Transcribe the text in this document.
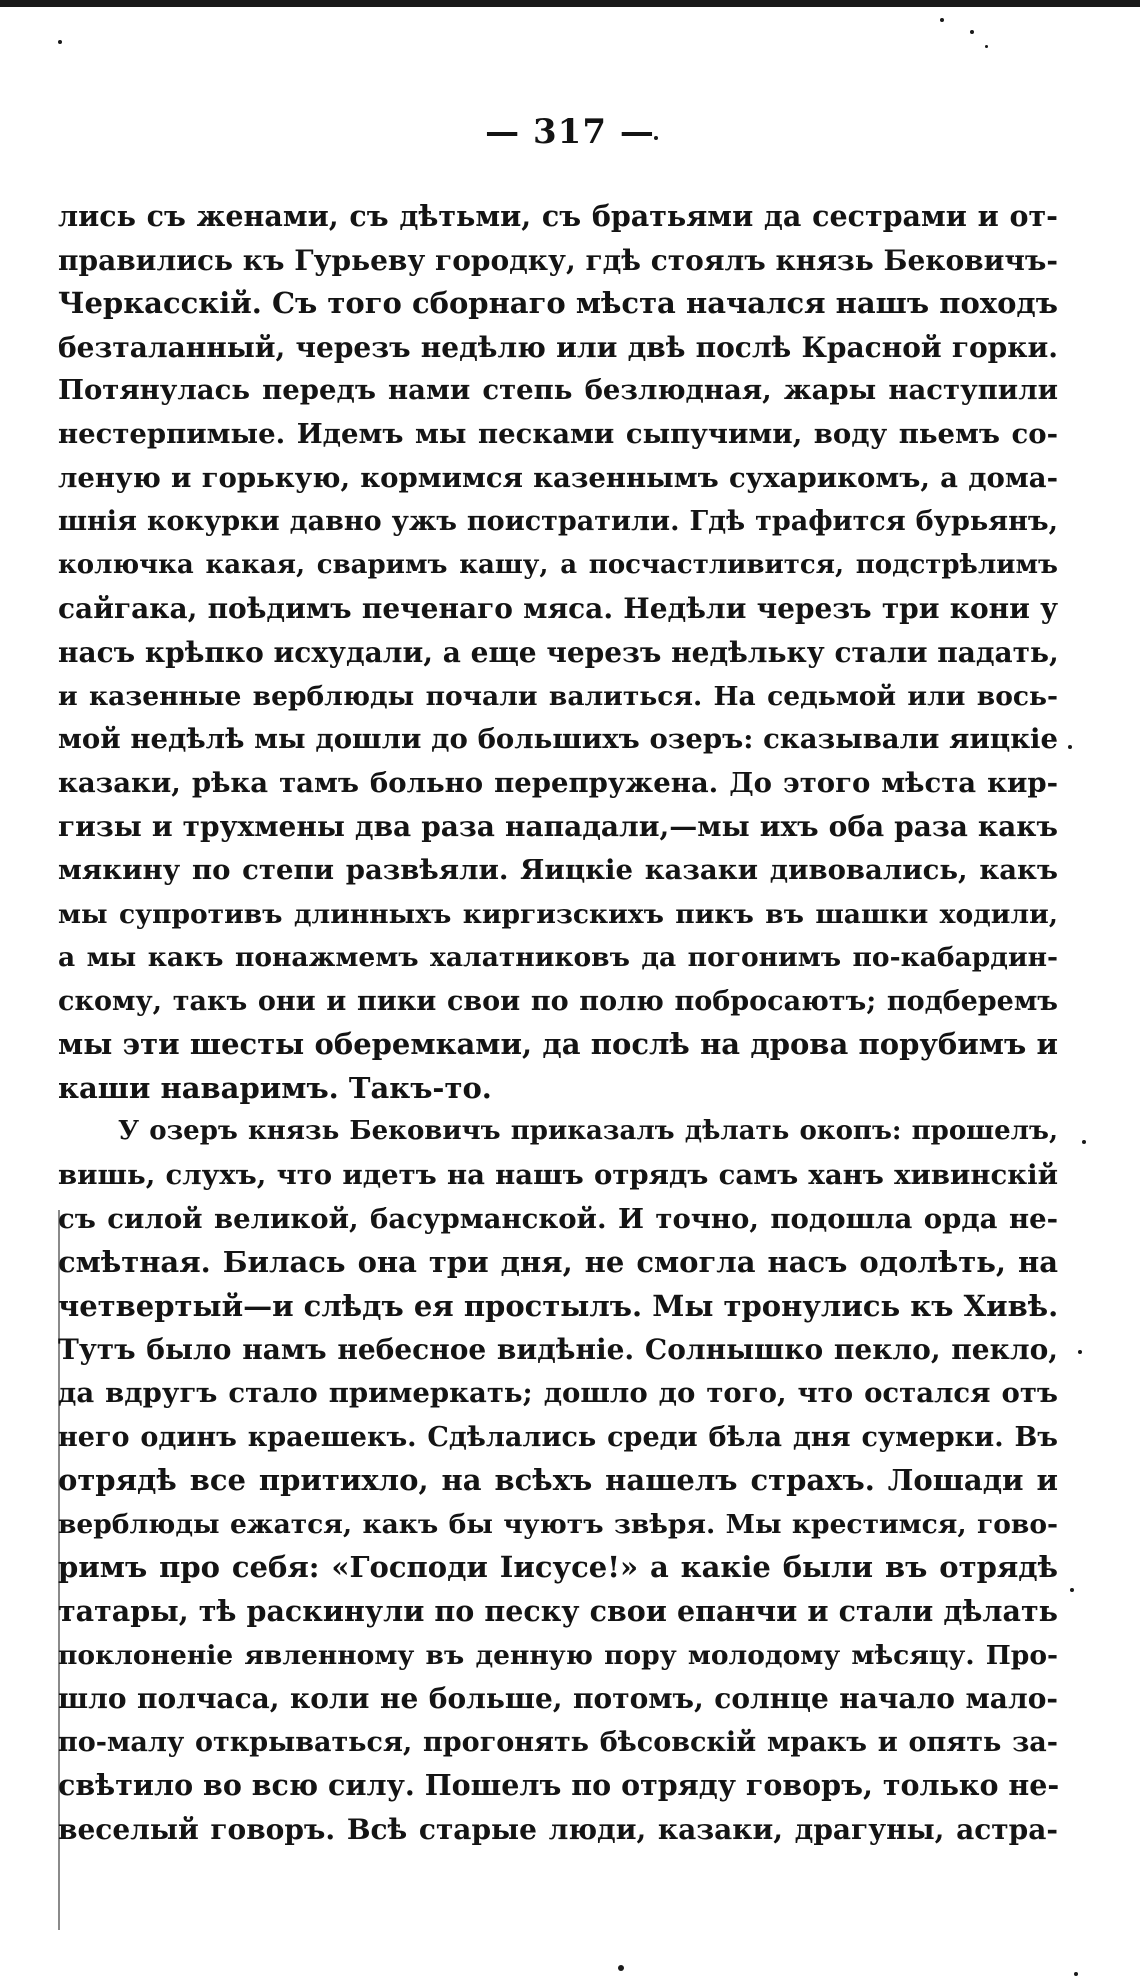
— 317 —
лись съ женами, съ дѣтьми, съ братьями да сестрами и от-
правились къ Гурьеву городку, гдѣ стоялъ князь Бековичъ-
Черкасскій. Съ того сборнаго мѣста начался нашъ походъ
безталанный, черезъ недѣлю или двѣ послѣ Красной горки.
Потянулась передъ нами степь безлюдная, жары наступили
нестерпимые. Идемъ мы песками сыпучими, воду пьемъ со-
леную и горькую, кормимся казеннымъ сухарикомъ, а дома-
шнія кокурки давно ужъ поистратили. Гдѣ трафится бурьянъ,
колючка какая, сваримъ кашу, а посчастливится, подстрѣлимъ
сайгака, поѣдимъ печенаго мяса. Недѣли черезъ три кони у
насъ крѣпко исхудали, а еще черезъ недѣльку стали падать,
и казенные верблюды почали валиться. На седьмой или вось-
мой недѣлѣ мы дошли до большихъ озеръ: сказывали яицкіе
казаки, рѣка тамъ больно перепружена. До этого мѣста кир-
гизы и трухмены два раза нападали,—мы ихъ оба раза какъ
мякину по степи развѣяли. Яицкіе казаки дивовались, какъ
мы супротивъ длинныхъ киргизскихъ пикъ въ шашки ходили,
а мы какъ понажмемъ халатниковъ да погонимъ по-кабардин-
скому, такъ они и пики свои по полю побросаютъ; подберемъ
мы эти шесты оберемками, да послѣ на дрова порубимъ и
каши наваримъ. Такъ-то.
У озеръ князь Бековичъ приказалъ дѣлать окопъ: прошелъ,
вишь, слухъ, что идетъ на нашъ отрядъ самъ ханъ хивинскій
съ силой великой, басурманской. И точно, подошла орда не-
смѣтная. Билась она три дня, не смогла насъ одолѣть, на
четвертый—и слѣдъ ея простылъ. Мы тронулись къ Хивѣ.
Тутъ было намъ небесное видѣніе. Солнышко пекло, пекло,
да вдругъ стало примеркать; дошло до того, что остался отъ
него одинъ краешекъ. Сдѣлались среди бѣла дня сумерки. Въ
отрядѣ все притихло, на всѣхъ нашелъ страхъ. Лошади и
верблюды ежатся, какъ бы чуютъ звѣря. Мы крестимся, гово-
римъ про себя: «Господи Іисусе!» а какіе были въ отрядѣ
татары, тѣ раскинули по песку свои епанчи и стали дѣлать
поклоненіе явленному въ денную пору молодому мѣсяцу. Про-
шло полчаса, коли не больше, потомъ, солнце начало мало-
по-малу открываться, прогонять бѣсовскій мракъ и опять за-
свѣтило во всю силу. Пошелъ по отряду говоръ, только не-
веселый говоръ. Всѣ старые люди, казаки, драгуны, астра-
